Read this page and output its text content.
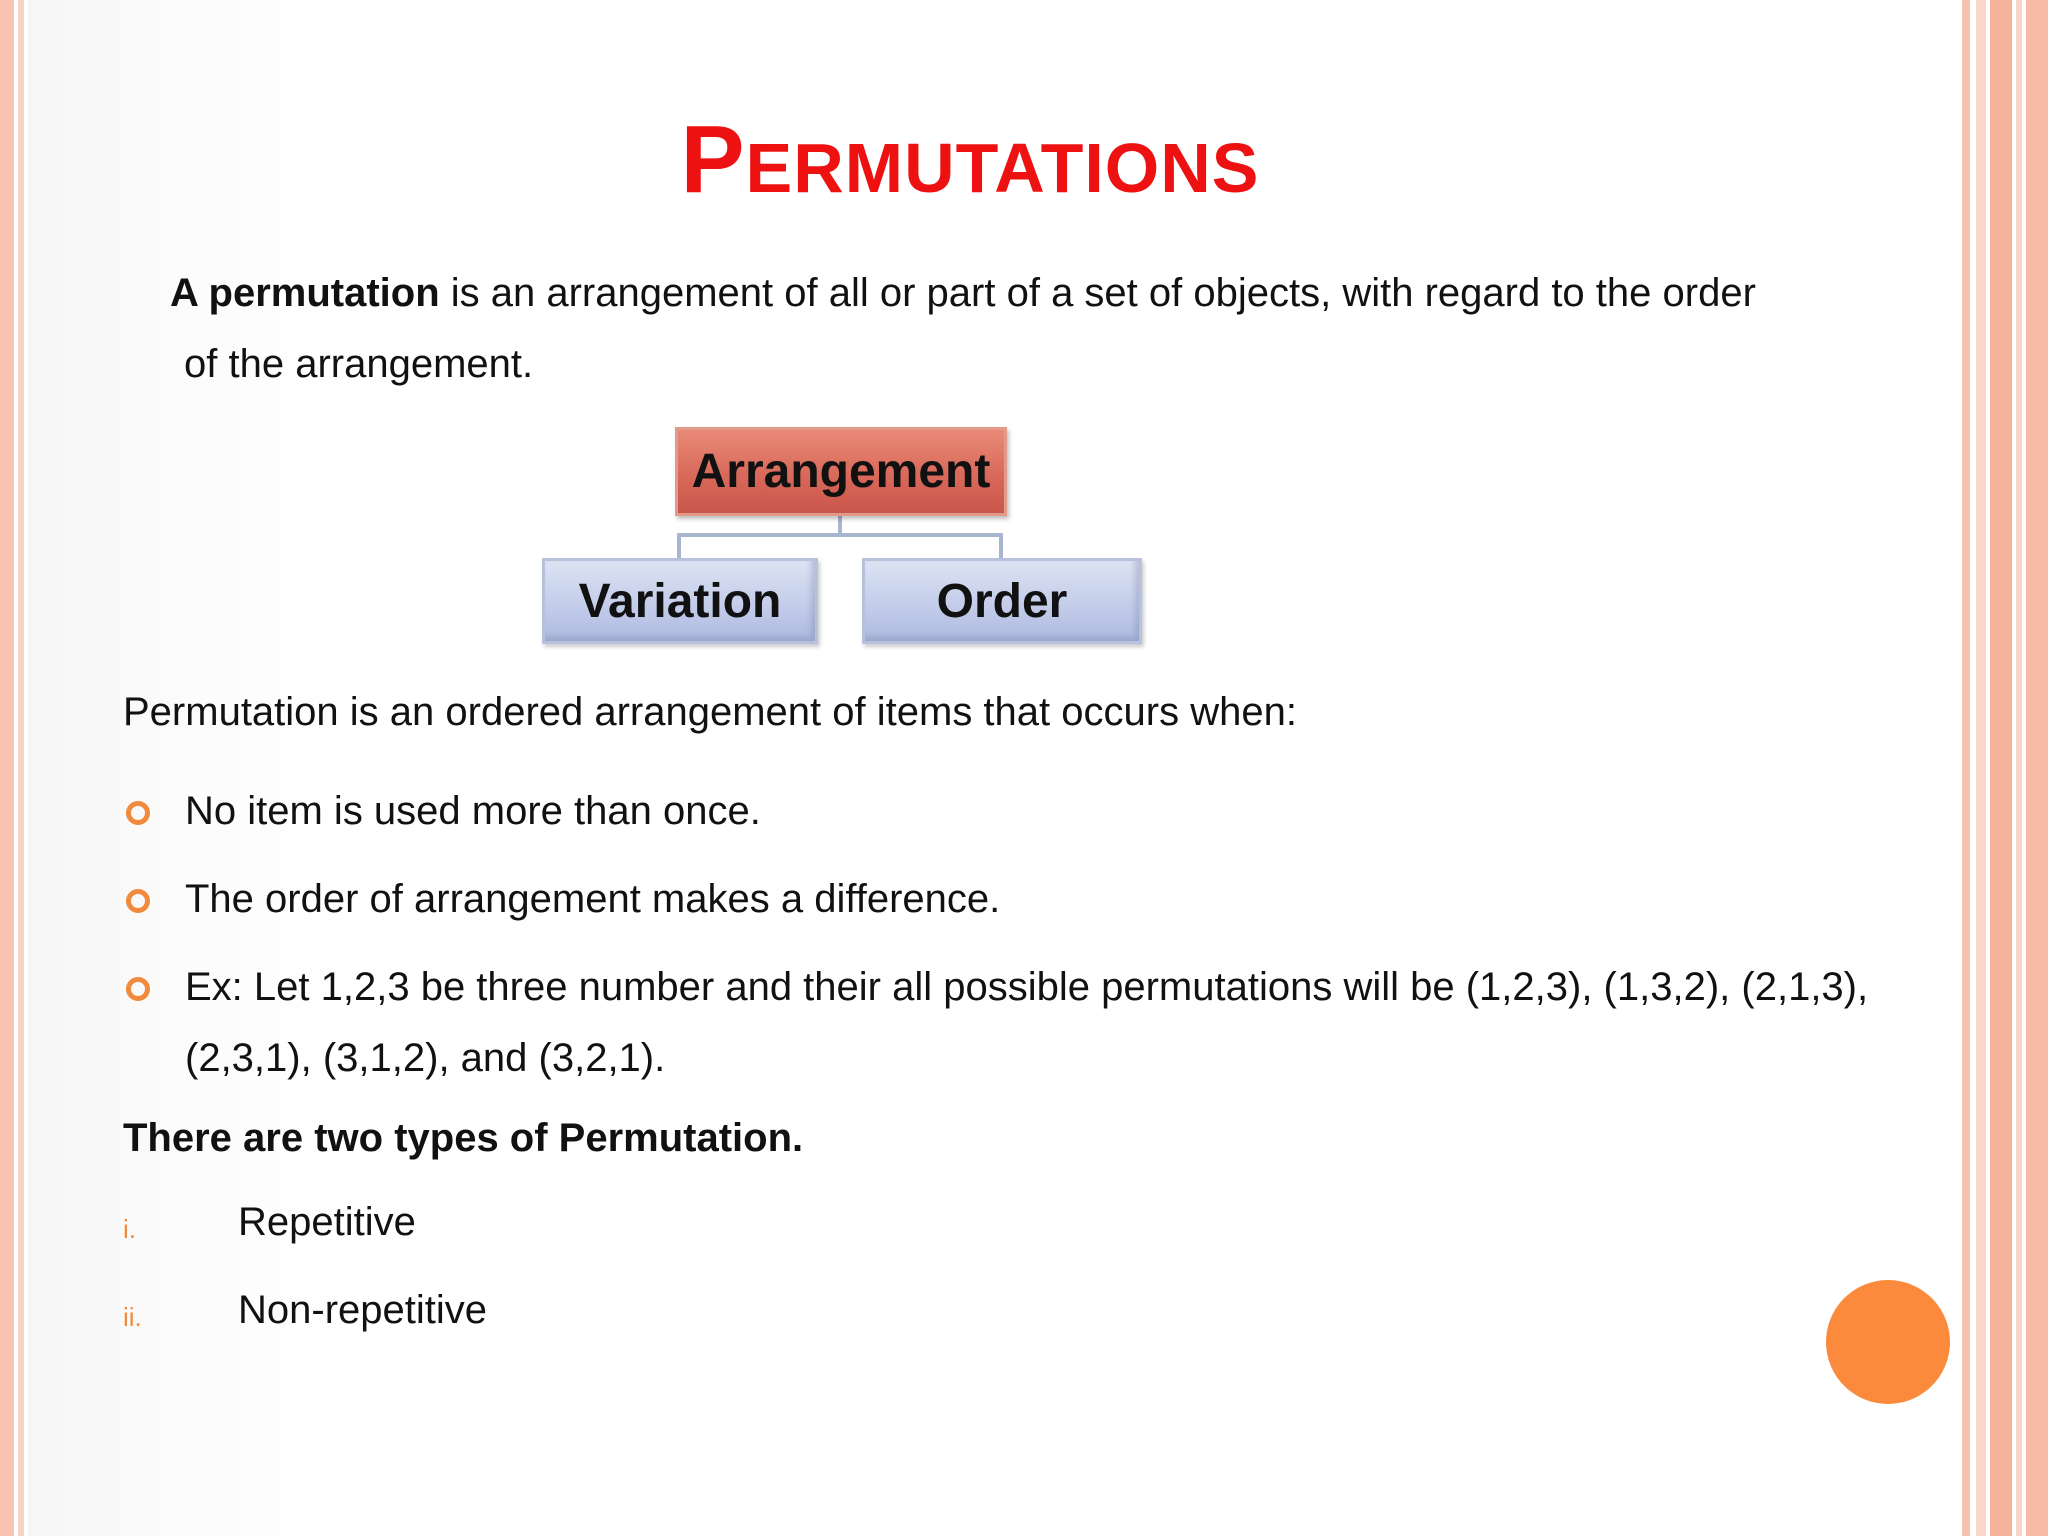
PERMUTATIONS
A permutation is an arrangement of all or part of a set of objects, with regard to the order
of the arrangement.
Arrangement
Variation	Order
Permutation is an ordered arrangement of items that occurs when:
No item is used more than once.
The order of arrangement makes a difference.
Ex: Let 1,2,3 be three number and their all possible permutations will be (1,2,3), (1,3,2), (2,1,3), (2,3,1), (3,1,2), and (3,2,1).
There are two types of Permutation.
i.	Repetitive
ii. Non-repetitive
